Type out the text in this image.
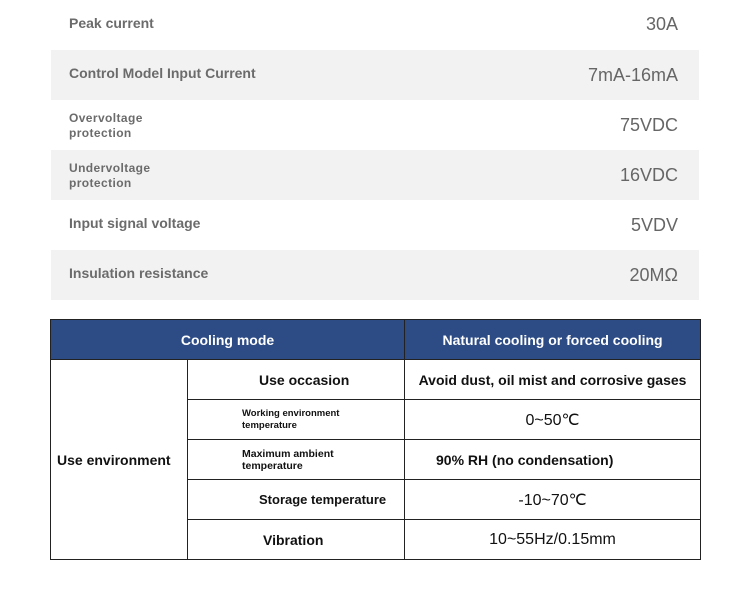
Peak current	30A
Control Model Input Current	7mA-16mA
Overvoltage
protection	75VDC
Undervoltage
protection	16VDC
Input signal voltage	5VDV
Insulation resistance	20MΩ
Cooling mode		Natural cooling or forced cooling
Use environment	Use occasion	Avoid dust, oil mist and corrosive gases

	Working environment
temperature	0~50℃

	Maximum ambient
temperature	90% RH (no condensation)
	Storage temperature	-10~70℃
	Vibration	10~55Hz/0.15mm
